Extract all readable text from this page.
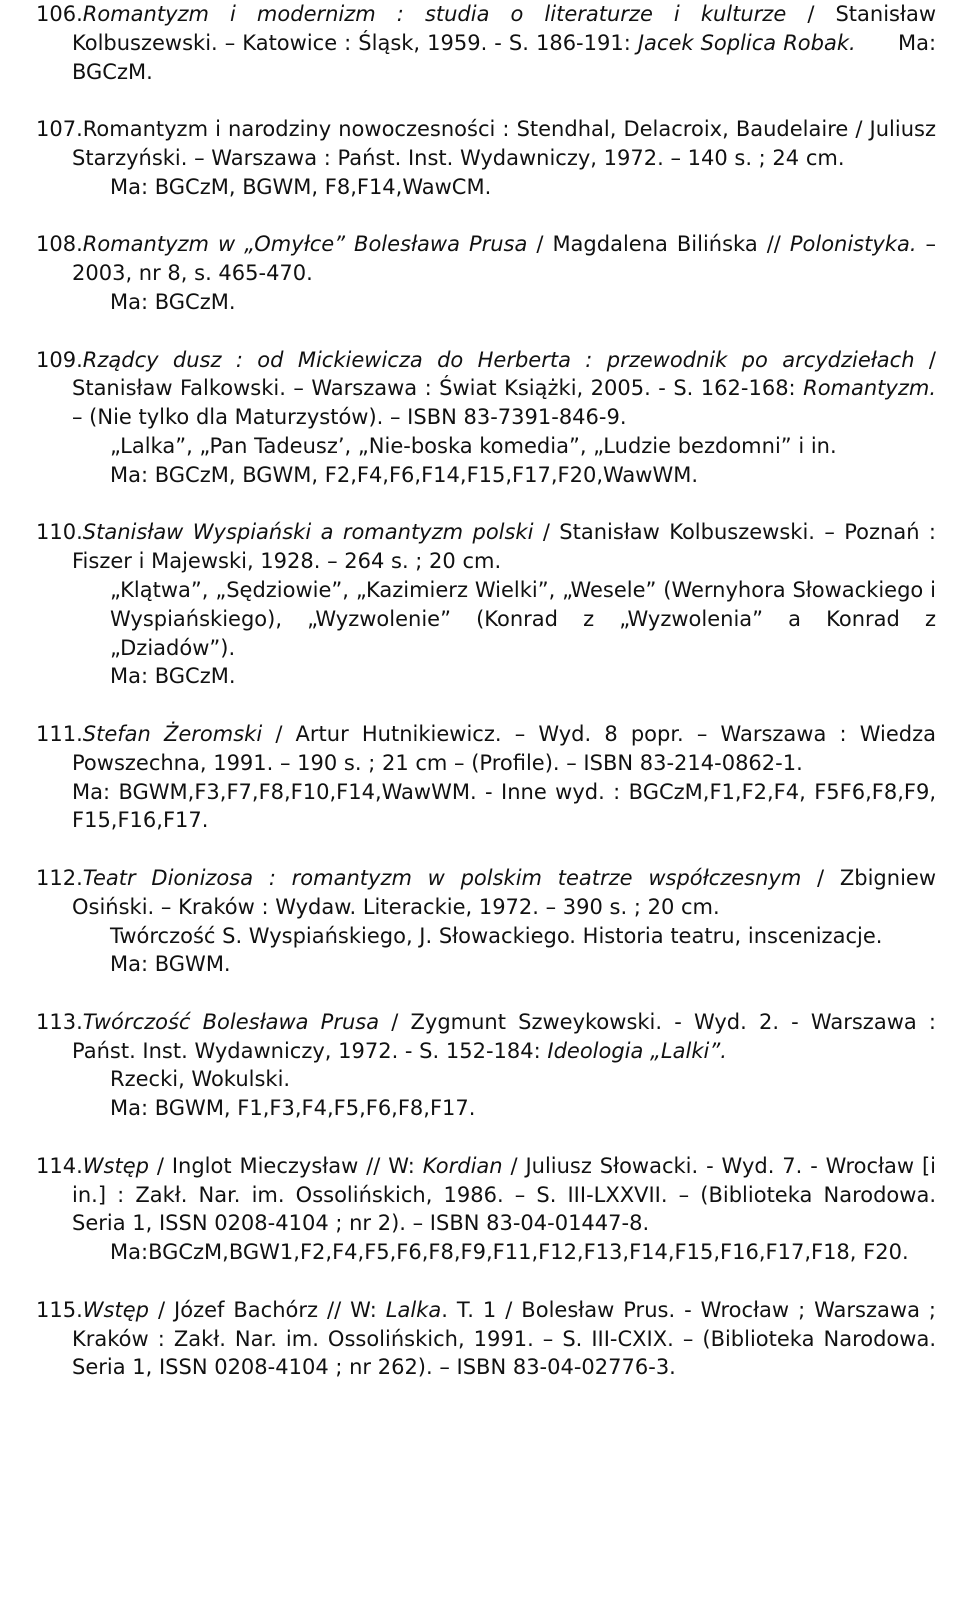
106.Romantyzm i modernizm : studia o literaturze i kulturze / Stanisław Kolbuszewski. – Katowice : Śląsk, 1959. - S. 186-191: Jacek Soplica Robak. Ma: BGCzM.
107.Romantyzm i narodziny nowoczesności : Stendhal, Delacroix, Baudelaire / Juliusz Starzyński. – Warszawa : Państ. Inst. Wydawniczy, 1972. – 140 s. ; 24 cm.
Ma: BGCzM, BGWM, F8,F14,WawCM.
108.Romantyzm w „Omyłce” Bolesława Prusa / Magdalena Bilińska // Polonistyka. – 2003, nr 8, s. 465-470.
Ma: BGCzM.
109.Rządcy dusz : od Mickiewicza do Herberta : przewodnik po arcydziełach / Stanisław Falkowski. – Warszawa : Świat Książki, 2005. - S. 162-168: Romantyzm. – (Nie tylko dla Maturzystów). – ISBN 83-7391-846-9.
„Lalka”, „Pan Tadeusz’, „Nie-boska komedia”, „Ludzie bezdomni” i in.
Ma: BGCzM, BGWM, F2,F4,F6,F14,F15,F17,F20,WawWM.
110.Stanisław Wyspiański a romantyzm polski / Stanisław Kolbuszewski. – Poznań : Fiszer i Majewski, 1928. – 264 s. ; 20 cm.
„Klątwa”, „Sędziowie”, „Kazimierz Wielki”, „Wesele” (Wernyhora Słowackiego i Wyspiańskiego), „Wyzwolenie” (Konrad z „Wyzwolenia” a Konrad z „Dziadów”).
Ma: BGCzM.
111.Stefan Żeromski / Artur Hutnikiewicz. – Wyd. 8 popr. – Warszawa : Wiedza Powszechna, 1991. – 190 s. ; 21 cm – (Profile). – ISBN 83-214-0862-1.
Ma: BGWM,F3,F7,F8,F10,F14,WawWM. - Inne wyd. : BGCzM,F1,F2,F4, F5F6,F8,F9, F15,F16,F17.
112.Teatr Dionizosa : romantyzm w polskim teatrze współczesnym / Zbigniew Osiński. – Kraków : Wydaw. Literackie, 1972. – 390 s. ; 20 cm.
Twórczość S. Wyspiańskiego, J. Słowackiego. Historia teatru, inscenizacje.
Ma: BGWM.
113.Twórczość Bolesława Prusa / Zygmunt Szweykowski. - Wyd. 2. - Warszawa : Państ. Inst. Wydawniczy, 1972. - S. 152-184: Ideologia „Lalki”.
Rzecki, Wokulski.
Ma: BGWM, F1,F3,F4,F5,F6,F8,F17.
114.Wstęp / Inglot Mieczysław // W: Kordian / Juliusz Słowacki. - Wyd. 7. - Wrocław [i in.] : Zakł. Nar. im. Ossolińskich, 1986. – S. III-LXXVII. – (Biblioteka Narodowa. Seria 1, ISSN 0208-4104 ; nr 2). – ISBN 83-04-01447-8.
Ma:BGCzM,BGW1,F2,F4,F5,F6,F8,F9,F11,F12,F13,F14,F15,F16,F17,F18, F20.
115.Wstęp / Józef Bachórz // W: Lalka. T. 1 / Bolesław Prus. - Wrocław ; Warszawa ; Kraków : Zakł. Nar. im. Ossolińskich, 1991. – S. III-CXIX. – (Biblioteka Narodowa. Seria 1, ISSN 0208-4104 ; nr 262). – ISBN 83-04-02776-3.
